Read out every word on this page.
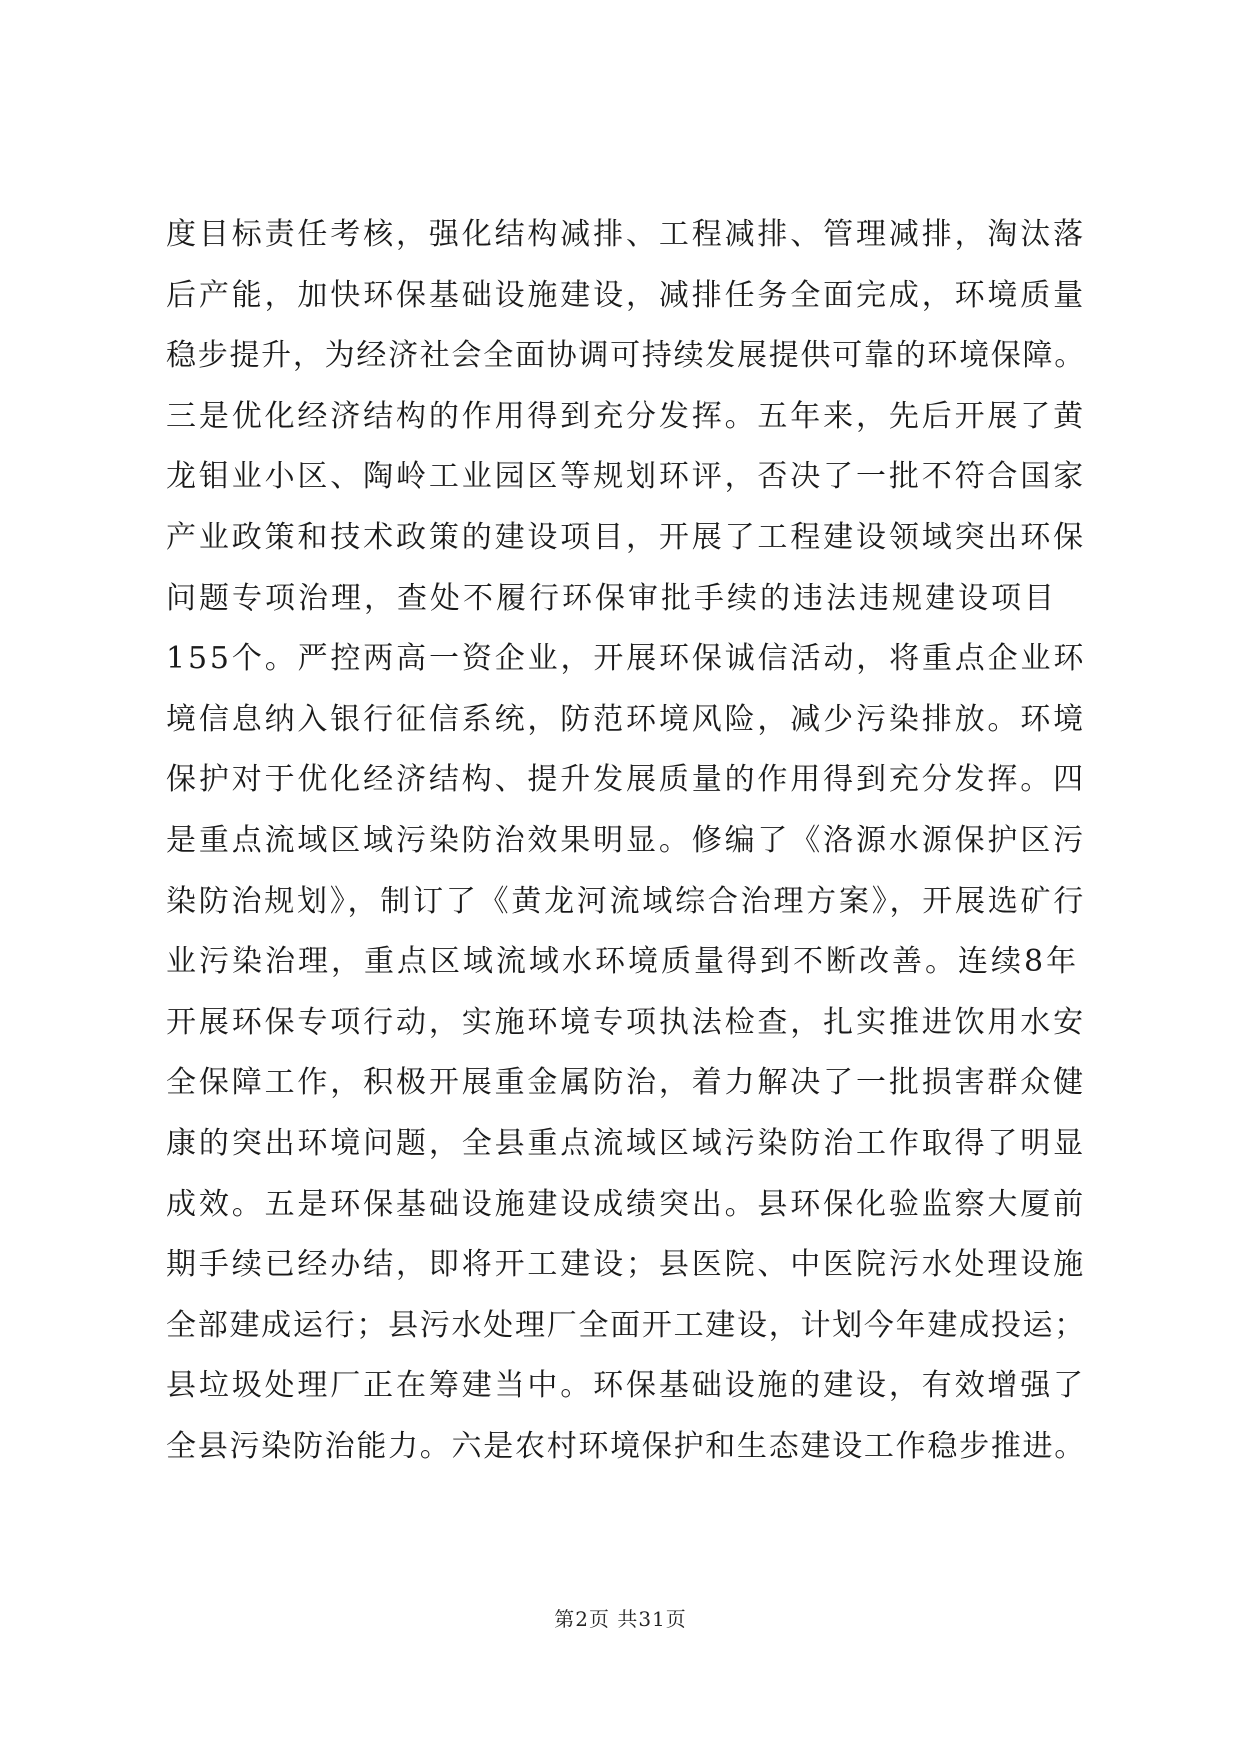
度目标责任考核，强化结构减排、工程减排、管理减排，淘汰落
后产能，加快环保基础设施建设，减排任务全面完成，环境质量
稳步提升，为经济社会全面协调可持续发展提供可靠的环境保障。
三是优化经济结构的作用得到充分发挥。五年来，先后开展了黄
龙钼业小区、陶岭工业园区等规划环评，否决了一批不符合国家
产业政策和技术政策的建设项目，开展了工程建设领域突出环保
问题专项治理，查处不履行环保审批手续的违法违规建设项目
155个。严控两高一资企业，开展环保诚信活动，将重点企业环
境信息纳入银行征信系统，防范环境风险，减少污染排放。环境
保护对于优化经济结构、提升发展质量的作用得到充分发挥。四
是重点流域区域污染防治效果明显。修编了《洛源水源保护区污
染防治规划》，制订了《黄龙河流域综合治理方案》，开展选矿行
业污染治理，重点区域流域水环境质量得到不断改善。连续8年
开展环保专项行动，实施环境专项执法检查，扎实推进饮用水安
全保障工作，积极开展重金属防治，着力解决了一批损害群众健
康的突出环境问题，全县重点流域区域污染防治工作取得了明显
成效。五是环保基础设施建设成绩突出。县环保化验监察大厦前
期手续已经办结，即将开工建设；县医院、中医院污水处理设施
全部建成运行；县污水处理厂全面开工建设，计划今年建成投运；
县垃圾处理厂正在筹建当中。环保基础设施的建设，有效增强了
全县污染防治能力。六是农村环境保护和生态建设工作稳步推进。
第2页 共31页
